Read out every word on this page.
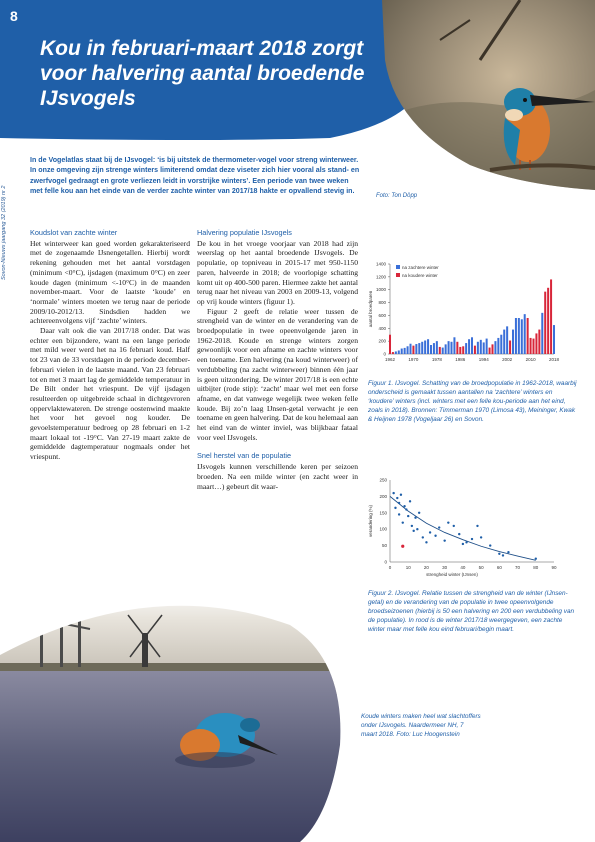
8
Kou in februari-maart 2018 zorgt voor halvering aantal broedende IJsvogels
Sovon-Nieuws jaargang 32 (2019) nr 2

In de Vogelatlas staat bij de IJsvogel: ‘is bij uitstek de thermometer-vogel voor streng winterweer. In onze omgeving zijn strenge winters limiterend omdat deze viseter zich hier vooral als stand- en zwerfvogel gedraagt en grote verliezen leidt in vorstrijke winters’. Een periode van twee weken met felle kou aan het einde van de verder zachte winter van 2017/18 hakte er opvallend stevig in.

Foto: Ton Döpp
Koudslot van zachte winter

Het winterweer kan goed worden gekarakteriseerd met de zogenaamde IJsnengetallen. Hierbij wordt rekening gehouden met het aantal vorstdagen (minimum <0°C), ijsdagen (maximum 0°C) en zeer koude dagen (minimum <-10°C) in de maanden november-maart. Voor de laatste ‘koude’ en ‘normale’ winters moeten we terug naar de periode 2009/10-2012/13. Sindsdien hadden we achtereenvolgens vijf ‘zachte’ winters.

Daar valt ook die van 2017/18 onder. Dat was echter een bijzondere, want na een lange periode met mild weer werd het na 16 februari koud. Half tot 23 van de 33 vorstdagen in de periode december-februari vielen in de laatste maand. Van 23 februari tot en met 3 maart lag de gemiddelde temperatuur in De Bilt onder het vriespunt. De vijf ijsdagen resulteerden op uitgebreide schaal in dichtgevroren oppervlaktewateren. De strenge oostenwind maakte het voor het gevoel nog kouder. De gevoelstemperatuur bedroeg op 28 februari en 1-2 maart lokaal tot -19°C. Van 27-19 maart zakte de gemiddelde dagtemperatuur nogmaals onder het vriespunt.

Halvering populatie IJsvogels

De kou in het vroege voorjaar van 2018 had zijn weerslag op het aantal broedende IJsvogels. De populatie, op topniveau in 2015-17 met 950-1150 paren, halveerde in 2018; de voorlopige schatting komt uit op 400-500 paren. Hiermee zakte het aantal terug naar het niveau van 2003 en 2009-13, volgend op vrij koude winters (figuur 1).

Figuur 2 geeft de relatie weer tussen de strengheid van de winter en de verandering van de broedpopulatie in twee opeenvolgende jaren in 1962-2018. Koude en strenge winters zorgen gewoonlijk voor een afname en zachte winters voor een toename. Een halvering (na koud winterweer) of verdubbeling (na zacht winterweer) binnen één jaar is geen uitzondering. De winter 2017/18 is een echte uitbijter (rode stip): ‘zacht’ maar wel met een forse afname, en dat vanwege wegelijk twee weken felle koude. Bij zo’n laag IJnsen-getal verwacht je een toename en geen halvering. Dat de kou helemaal aan het eind van de winter inviel, was blijkbaar fataal voor veel IJsvogels.

Snel herstel van de populatie

IJsvogels kunnen verschillende keren per seizoen broeden. Na een milde winter (en zacht weer in maart…) gebeurt dit waar-

0
200
400
600
800
1000
1200
1400
1962	1970	1978	1986	1994	2002	2010	2018
aantal broedparen
na zachtere winter
na koudere winter

Figuur 1. IJsvogel. Schatting van de broedpopulatie in 1962-2018, waarbij onderscheid is gemaakt tussen aantallen na ‘zachtere’ winters en ‘koudere’ winters (incl. winters met een felle kou-periode aan het eind, zoals in 2018). Bronnen: Timmerman 1970 (Limosa 43), Meininger, Kwak & Heijnen 1978 (Vogeljaar 26) en Sovon.

0
50
100
150
200
250
0	10	20	30	40	50	60	70	80	90
strengheid winter (IJnsen)
verandering (%)

Figuur 2. IJsvogel. Relatie tussen de strengheid van de winter (IJnsen-getal) en de verandering van de populatie in twee opeenvolgende broedseizoenen (hierbij is 50 een halvering en 200 een verdubbeling van de populatie). In rood is de winter 2017/18 weergegeven, een zachte winter maar met felle kou eind februari/begin maart.

Koude winters maken heel wat slachtoffers onder IJsvogels. Naardermeer NH, 7 maart 2018. Foto: Luc Hoogenstein
